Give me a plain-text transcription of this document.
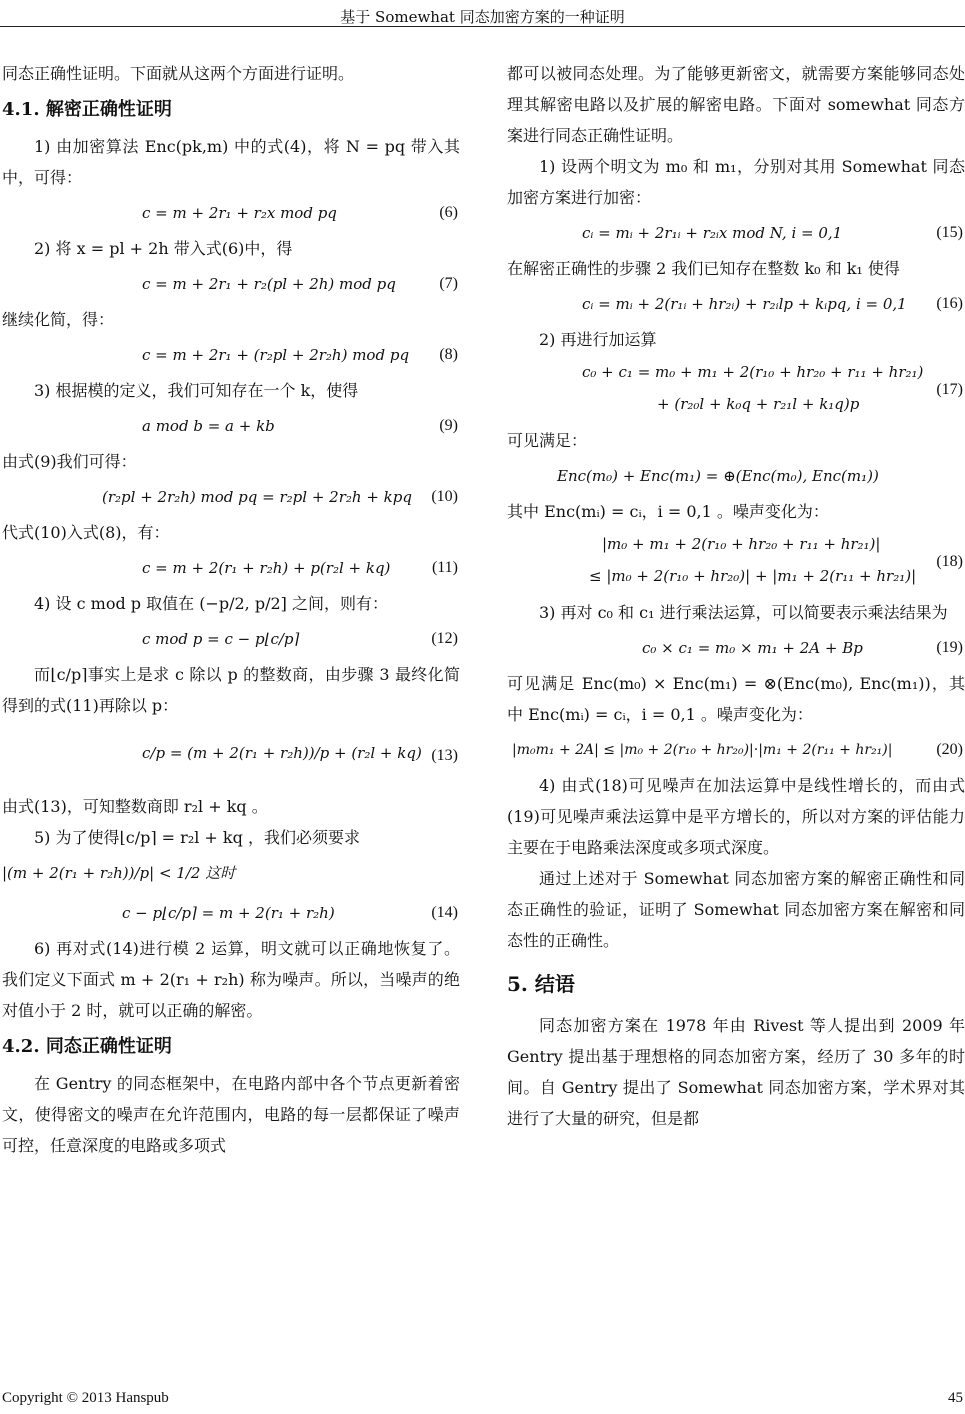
基于 Somewhat 同态加密方案的一种证明

同态正确性证明。下面就从这两个方面进行证明。

4.1. 解密正确性证明

1) 由加密算法 Enc(pk,m) 中的式(4)，将 N = pq 带入其中，可得：

c = m + 2r₁ + r₂x mod pq	(6)

2) 将 x = pl + 2h 带入式(6)中，得

c = m + 2r₁ + r₂(pl + 2h) mod pq	(7)

继续化简，得：

c = m + 2r₁ + (r₂pl + 2r₂h) mod pq (8)

3) 根据模的定义，我们可知存在一个 k，使得

a mod b = a + kb	(9)

由式(9)我们可得：

(r₂pl + 2r₂h) mod pq = r₂pl + 2r₂h + kpq (10)

代式(10)入式(8)，有：

c = m + 2(r₁ + r₂h) + p(r₂l + kq)	(11)

4) 设 c mod p 取值在 (−p/2, p/2] 之间，则有：

c mod p = c − p⌊c/p⌉	(12)

而⌊c/p⌉事实上是求 c 除以 p 的整数商，由步骤 3 最终化简得到的式(11)再除以 p：

c/p = (m + 2(r₁ + r₂h))/p + (r₂l + kq) (13)

由式(13)，可知整数商即 r₂l + kq 。

5) 为了使得⌊c/p⌉ = r₂l + kq ，我们必须要求

|(m + 2(r₁ + r₂h))/p| < 1/2 这时

c − p⌊c/p⌉ = m + 2(r₁ + r₂h)	(14)

6) 再对式(14)进行模 2 运算，明文就可以正确地恢复了。我们定义下面式 m + 2(r₁ + r₂h) 称为噪声。所以，当噪声的绝对值小于 2 时，就可以正确的解密。

4.2. 同态正确性证明

在 Gentry 的同态框架中，在电路内部中各个节点更新着密文，使得密文的噪声在允许范围内，电路的每一层都保证了噪声可控，任意深度的电路或多项式

都可以被同态处理。为了能够更新密文，就需要方案能够同态处理其解密电路以及扩展的解密电路。下面对 somewhat 同态方案进行同态正确性证明。

1) 设两个明文为 m₀ 和 m₁，分别对其用 Somewhat 同态加密方案进行加密：

cᵢ = mᵢ + 2r₁ᵢ + r₂ᵢx mod N, i = 0,1	(15)

在解密正确性的步骤 2 我们已知存在整数 k₀ 和 k₁ 使得

cᵢ = mᵢ + 2(r₁ᵢ + hr₂ᵢ) + r₂ᵢlp + kᵢpq, i = 0,1 (16)

2) 再进行加运算

c₀ + c₁ = m₀ + m₁ + 2(r₁₀ + hr₂₀ + r₁₁ + hr₂₁)
+ (r₂₀l + k₀q + r₂₁l + k₁q)p
(17)

可见满足：

Enc(m₀) + Enc(m₁) = ⊕(Enc(m₀), Enc(m₁))

其中 Enc(mᵢ) = cᵢ，i = 0,1 。噪声变化为：

|m₀ + m₁ + 2(r₁₀ + hr₂₀ + r₁₁ + hr₂₁)|
≤ |m₀ + 2(r₁₀ + hr₂₀)| + |m₁ + 2(r₁₁ + hr₂₁)|
(18)

3) 再对 c₀ 和 c₁ 进行乘法运算，可以简要表示乘法结果为

c₀ × c₁ = m₀ × m₁ + 2A + Bp	(19)

可见满足 Enc(m₀) × Enc(m₁) = ⊗(Enc(m₀), Enc(m₁))，其中 Enc(mᵢ) = cᵢ，i = 0,1 。噪声变化为：

|m₀m₁ + 2A| ≤ |m₀ + 2(r₁₀ + hr₂₀)|·|m₁ + 2(r₁₁ + hr₂₁)|	(20)

4) 由式(18)可见噪声在加法运算中是线性增长的，而由式(19)可见噪声乘法运算中是平方增长的，所以对方案的评估能力主要在于电路乘法深度或多项式深度。

通过上述对于 Somewhat 同态加密方案的解密正确性和同态正确性的验证，证明了 Somewhat 同态加密方案在解密和同态性的正确性。

5. 结语

同态加密方案在 1978 年由 Rivest 等人提出到 2009 年 Gentry 提出基于理想格的同态加密方案，经历了 30 多年的时间。自 Gentry 提出了 Somewhat 同态加密方案，学术界对其进行了大量的研究，但是都

Copyright © 2013 Hanspub	45
